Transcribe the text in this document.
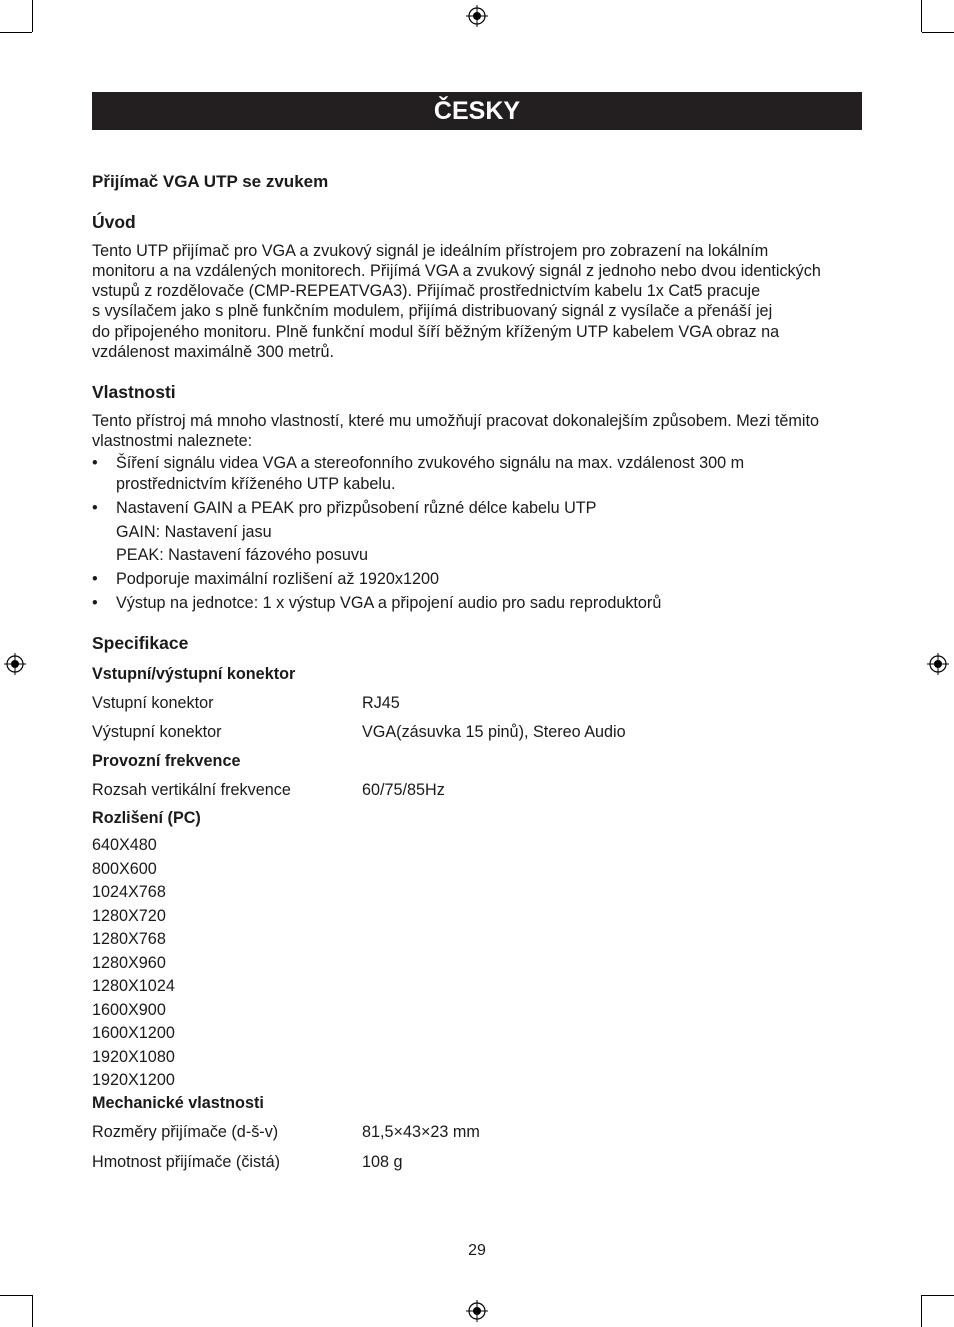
ČESKY
Přijímač VGA UTP se zvukem
Úvod
Tento UTP přijímač pro VGA a zvukový signál je ideálním přístrojem pro zobrazení na lokálním
monitoru a na vzdálených monitorech. Přijímá VGA a zvukový signál z jednoho nebo dvou identických
vstupů z rozdělovače (CMP-REPEATVGA3). Přijímač prostřednictvím kabelu 1x Cat5 pracuje
s vysílačem jako s plně funkčním modulem, přijímá distribuovaný signál z vysílače a přenáší jej
do připojeného monitoru. Plně funkční modul šíří běžným kříženým UTP kabelem VGA obraz na
vzdálenost maximálně 300 metrů.
Vlastnosti
Tento přístroj má mnoho vlastností, které mu umožňují pracovat dokonalejším způsobem. Mezi těmito
vlastnostmi naleznete:
• Šíření signálu videa VGA a stereofonního zvukového signálu na max. vzdálenost 300 m
prostřednictvím kříženého UTP kabelu.
• Nastavení GAIN a PEAK pro přizpůsobení různé délce kabelu UTP
GAIN: Nastavení jasu
PEAK: Nastavení fázového posuvu
• Podporuje maximální rozlišení až 1920x1200
• Výstup na jednotce: 1 x výstup VGA a připojení audio pro sadu reproduktorů
Specifikace
Vstupní/výstupní konektor
Vstupní konektor	RJ45
Výstupní konektor	VGA(zásuvka 15 pinů), Stereo Audio
Provozní frekvence
Rozsah vertikální frekvence	60/75/85Hz
Rozlišení (PC)
640X480
800X600
1024X768
1280X720
1280X768
1280X960
1280X1024
1600X900
1600X1200
1920X1080
1920X1200
Mechanické vlastnosti
Rozměry přijímače (d-š-v)	81,5×43×23 mm
Hmotnost přijímače (čistá)	108 g
29
